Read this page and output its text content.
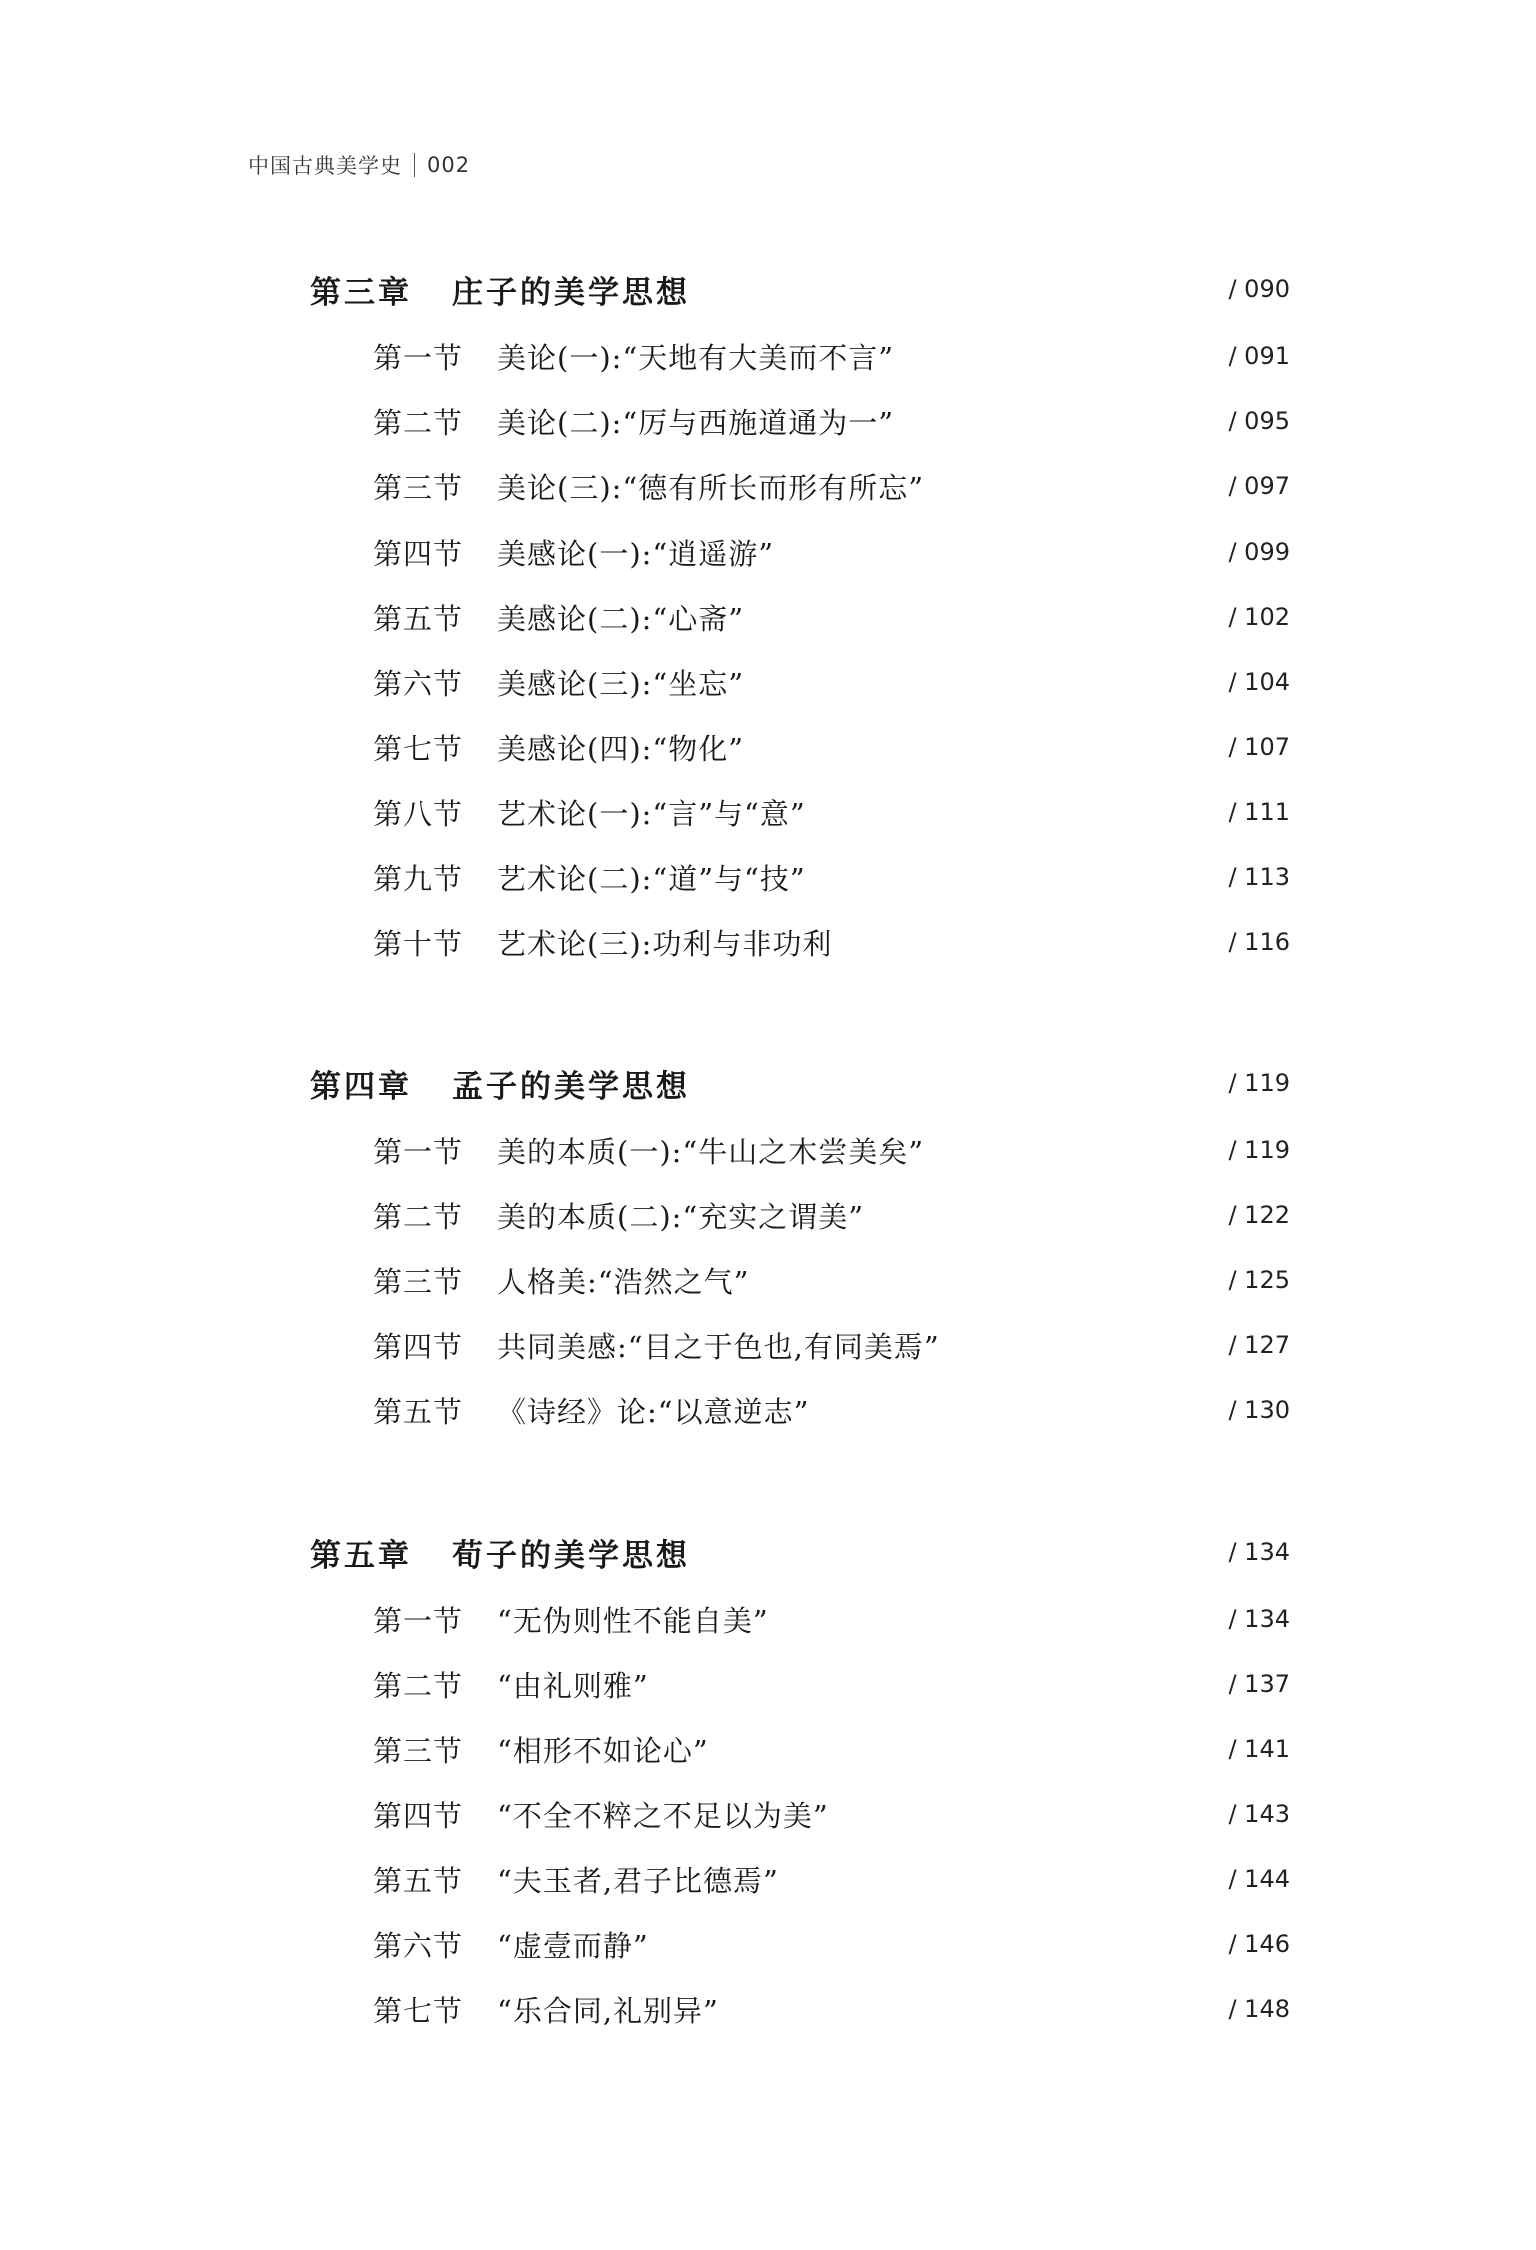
中国古典美学史 002
第三章 庄子的美学思想	/ 090
第一节 美论(一):“天地有大美而不言”	/ 091
第二节 美论(二):“厉与西施道通为一”	/ 095
第三节 美论(三):“德有所长而形有所忘”	/ 097
第四节 美感论(一):“逍遥游”	/ 099
第五节 美感论(二):“心斋”	/ 102
第六节 美感论(三):“坐忘”	/ 104
第七节 美感论(四):“物化”	/ 107
第八节 艺术论(一):“言”与“意”	/ 111
第九节 艺术论(二):“道”与“技”	/ 113
第十节 艺术论(三):功利与非功利	/ 116
第四章 孟子的美学思想	/ 119
第一节 美的本质(一):“牛山之木尝美矣”	/ 119
第二节 美的本质(二):“充实之谓美”	/ 122
第三节 人格美:“浩然之气”	/ 125
第四节 共同美感:“目之于色也,有同美焉”	/ 127
第五节 《诗经》论:“以意逆志”	/ 130
第五章 荀子的美学思想	/ 134
第一节 “无伪则性不能自美”	/ 134
第二节 “由礼则雅”	/ 137
第三节 “相形不如论心”	/ 141
第四节 “不全不粹之不足以为美”	/ 143
第五节 “夫玉者,君子比德焉”	/ 144
第六节 “虚壹而静”	/ 146
第七节 “乐合同,礼别异”	/ 148
